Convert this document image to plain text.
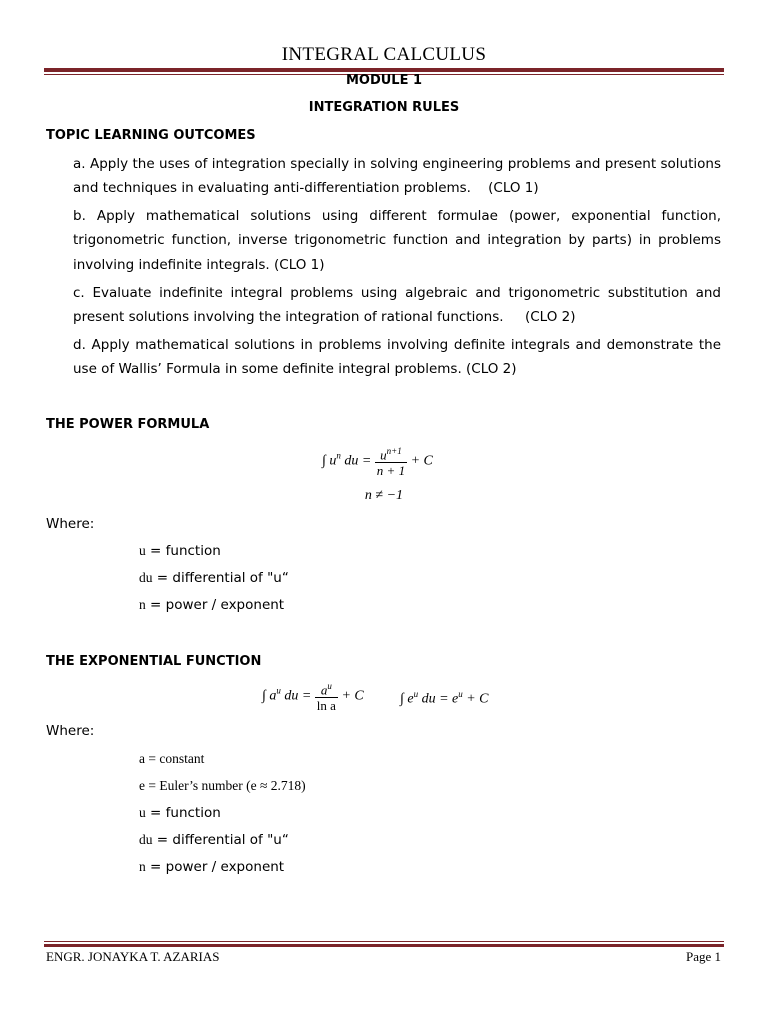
INTEGRAL CALCULUS
MODULE 1
INTEGRATION RULES
TOPIC LEARNING OUTCOMES
a. Apply the uses of integration specially in solving engineering problems and present solutions and techniques in evaluating anti-differentiation problems.    (CLO 1)
b. Apply mathematical solutions using different formulae (power, exponential function, trigonometric function, inverse trigonometric function and integration by parts) in problems involving indefinite integrals. (CLO 1)
c. Evaluate indefinite integral problems using algebraic and trigonometric substitution and present solutions involving the integration of rational functions.     (CLO 2)
d. Apply mathematical solutions in problems involving definite integrals and demonstrate the use of Wallis’ Formula in some definite integral problems. (CLO 2)
THE POWER FORMULA
∫ $u^n$ du = $\frac{u^{n+1}}{n + 1} + C$
n ≠ −1
Where:
u = function
du = differential of "u“
n = power / exponent
THE EXPONENTIAL FUNCTION
∫ $a^u$ du = $\frac{a^u}{\text{ln a}} + C$	∫ $e^u$ du = $e^u + C$
Where:
a = constant
e = Euler’s number (e ≈ 2.718)
u = function
du = differential of "u“
n = power / exponent
ENGR. JONAYKA T. AZARIAS	Page 1
